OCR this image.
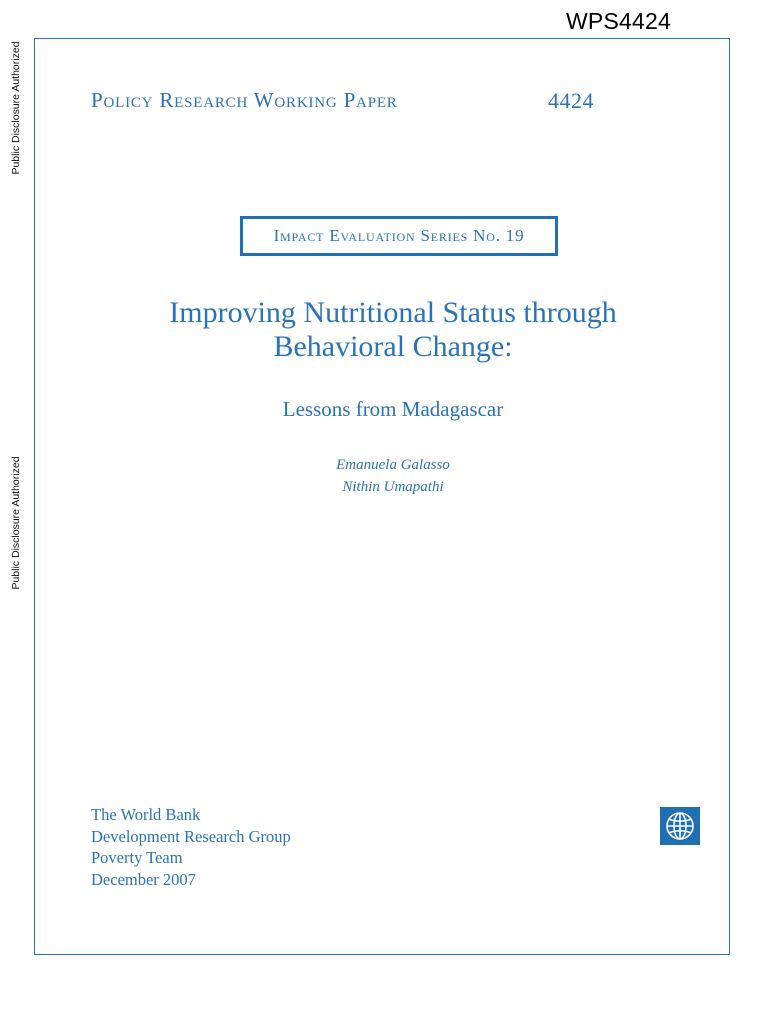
WPS4424
Public Disclosure Authorized
Public Disclosure Authorized
Policy Research Working Paper	4424
Impact Evaluation Series No. 19
Improving Nutritional Status through
Behavioral Change:
Lessons from Madagascar
Emanuela Galasso
Nithin Umapathi
The World Bank
Development Research Group
Poverty Team
December 2007
